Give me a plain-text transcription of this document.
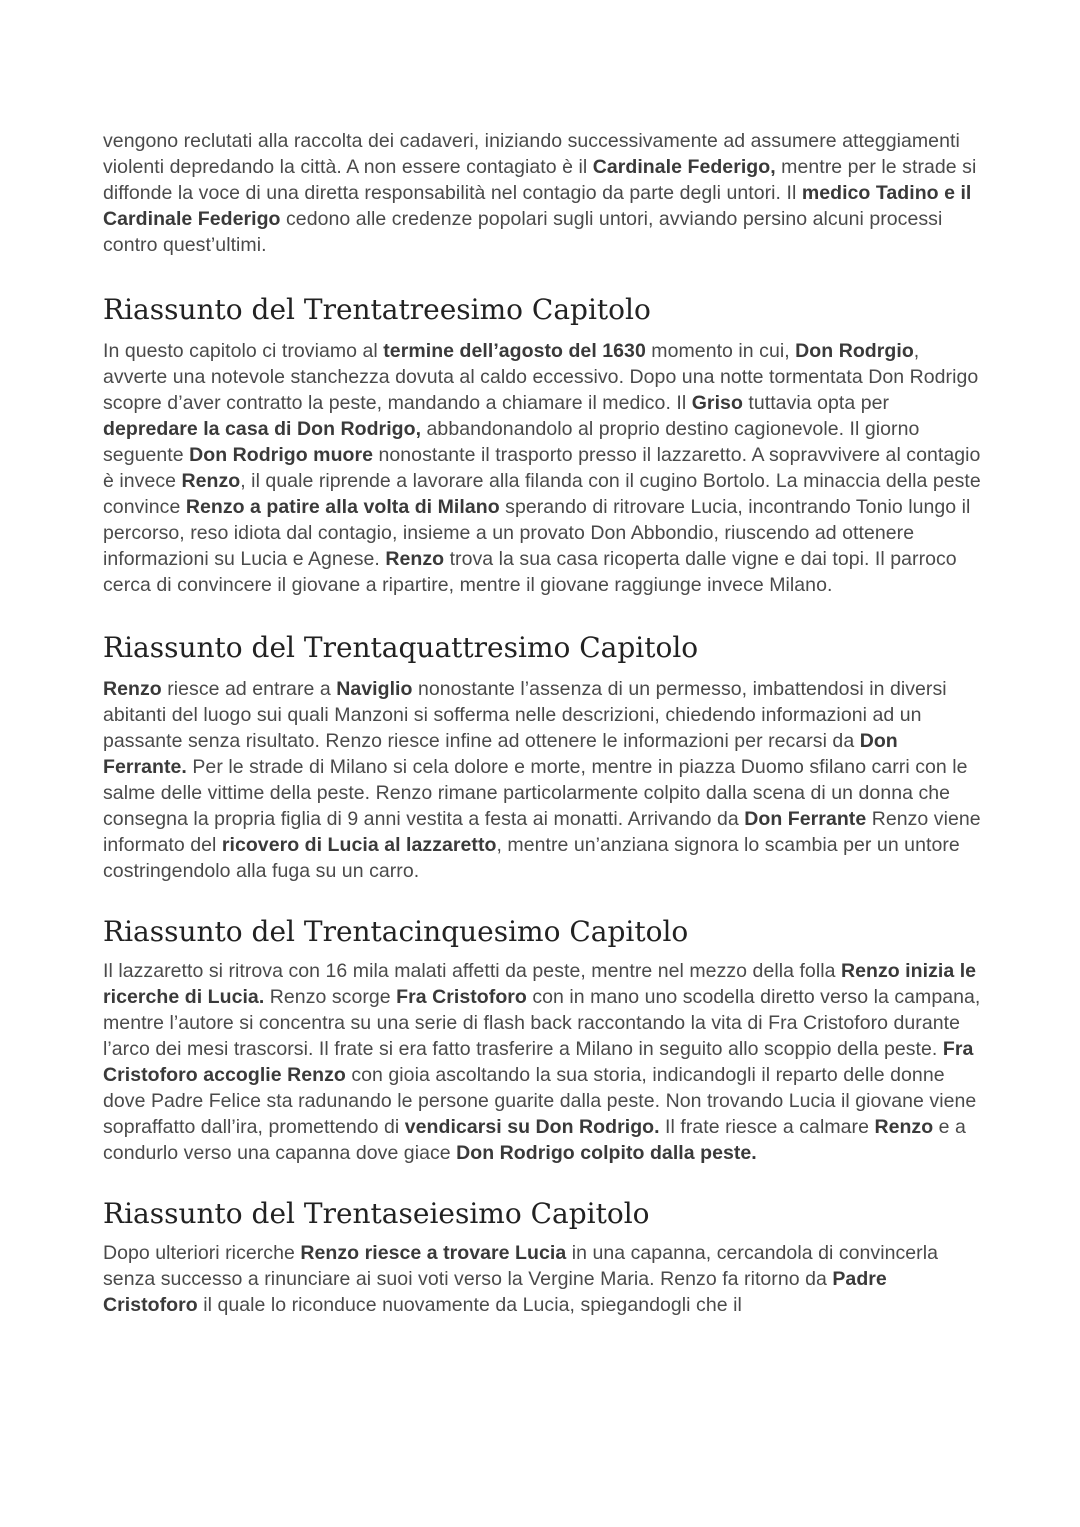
vengono reclutati alla raccolta dei cadaveri, iniziando successivamente ad assumere atteggiamenti violenti depredando la città. A non essere contagiato è il Cardinale Federigo, mentre per le strade si diffonde la voce di una diretta responsabilità nel contagio da parte degli untori. Il medico Tadino e il Cardinale Federigo cedono alle credenze popolari sugli untori, avviando persino alcuni processi contro quest’ultimi.

Riassunto del Trentatreesimo Capitolo

In questo capitolo ci troviamo al termine dell’agosto del 1630 momento in cui, Don Rodrgio, avverte una notevole stanchezza dovuta al caldo eccessivo. Dopo una notte tormentata Don Rodrigo scopre d’aver contratto la peste, mandando a chiamare il medico. Il Griso tuttavia opta per depredare la casa di Don Rodrigo, abbandonandolo al proprio destino cagionevole. Il giorno seguente Don Rodrigo muore nonostante il trasporto presso il lazzaretto. A sopravvivere al contagio è invece Renzo, il quale riprende a lavorare alla filanda con il cugino Bortolo. La minaccia della peste convince Renzo a patire alla volta di Milano sperando di ritrovare Lucia, incontrando Tonio lungo il percorso, reso idiota dal contagio, insieme a un provato Don Abbondio, riuscendo ad ottenere informazioni su Lucia e Agnese. Renzo trova la sua casa ricoperta dalle vigne e dai topi. Il parroco cerca di convincere il giovane a ripartire, mentre il giovane raggiunge invece Milano.

Riassunto del Trentaquattresimo Capitolo

Renzo riesce ad entrare a Naviglio nonostante l’assenza di un permesso, imbattendosi in diversi abitanti del luogo sui quali Manzoni si sofferma nelle descrizioni, chiedendo informazioni ad un passante senza risultato. Renzo riesce infine ad ottenere le informazioni per recarsi da Don Ferrante. Per le strade di Milano si cela dolore e morte, mentre in piazza Duomo sfilano carri con le salme delle vittime della peste. Renzo rimane particolarmente colpito dalla scena di un donna che consegna la propria figlia di 9 anni vestita a festa ai monatti. Arrivando da Don Ferrante Renzo viene informato del ricovero di Lucia al lazzaretto, mentre un’anziana signora lo scambia per un untore costringendolo alla fuga su un carro.

Riassunto del Trentacinquesimo Capitolo

Il lazzaretto si ritrova con 16 mila malati affetti da peste, mentre nel mezzo della folla Renzo inizia le ricerche di Lucia. Renzo scorge Fra Cristoforo con in mano uno scodella diretto verso la campana, mentre l’autore si concentra su una serie di flash back raccontando la vita di Fra Cristoforo durante l’arco dei mesi trascorsi. Il frate si era fatto trasferire a Milano in seguito allo scoppio della peste. Fra Cristoforo accoglie Renzo con gioia ascoltando la sua storia, indicandogli il reparto delle donne dove Padre Felice sta radunando le persone guarite dalla peste. Non trovando Lucia il giovane viene sopraffatto dall’ira, promettendo di vendicarsi su Don Rodrigo. Il frate riesce a calmare Renzo e a condurlo verso una capanna dove giace Don Rodrigo colpito dalla peste.

Riassunto del Trentaseiesimo Capitolo

Dopo ulteriori ricerche Renzo riesce a trovare Lucia in una capanna, cercandola di convincerla senza successo a rinunciare ai suoi voti verso la Vergine Maria. Renzo fa ritorno da Padre Cristoforo il quale lo riconduce nuovamente da Lucia, spiegandogli che il
